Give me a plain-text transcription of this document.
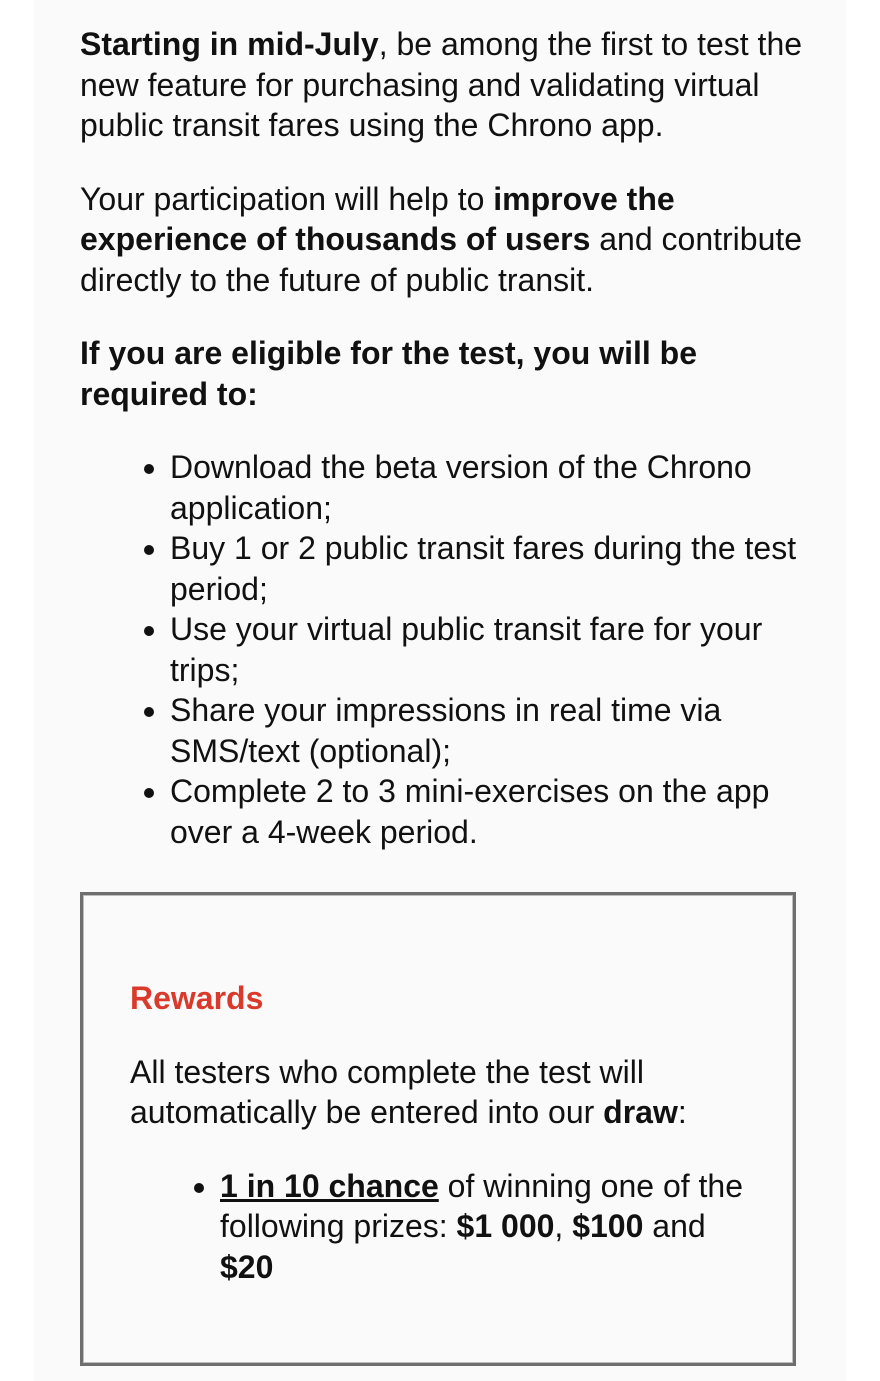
Starting in mid-July, be among the first to test the new feature for purchasing and validating virtual public transit fares using the Chrono app.

Your participation will help to improve the experience of thousands of users and contribute directly to the future of public transit.

If you are eligible for the test, you will be required to:

• Download the beta version of the Chrono application;
• Buy 1 or 2 public transit fares during the test period;
• Use your virtual public transit fare for your trips;
• Share your impressions in real time via SMS/text (optional);
• Complete 2 to 3 mini-exercises on the app over a 4-week period.

Rewards

All testers who complete the test will automatically be entered into our draw:

• 1 in 10 chance of winning one of the following prizes: $1 000, $100 and $20
